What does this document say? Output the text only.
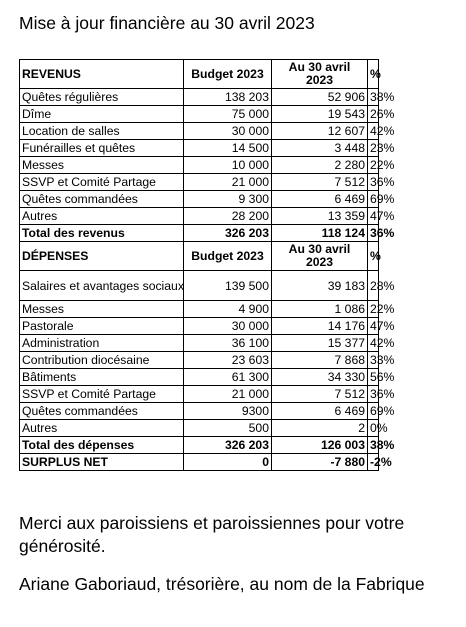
Mise à jour financière au 30 avril 2023
REVENUS	Budget 2023	Au 30 avril 2023	%
Quêtes régulières	138 203	52 906	38%
Dîme	75 000	19 543	26%
Location de salles	30 000	12 607	42%
Funérailles et quêtes	14 500	3 448	23%
Messes	10 000	2 280	22%
SSVP et Comité Partage	21 000	7 512	36%
Quêtes commandées	9 300	6 469	69%
Autres	28 200	13 359	47%
Total des revenus	326 203	118 124	36%
DÉPENSES	Budget 2023	Au 30 avril 2023	%
Salaires et avantages sociaux	139 500	39 183	28%
Messes	4 900	1 086	22%
Pastorale	30 000	14 176	47%
Administration	36 100	15 377	42%
Contribution diocésaine	23 603	7 868	33%
Bâtiments	61 300	34 330	56%
SSVP et Comité Partage	21 000	7 512	36%
Quêtes commandées	9300	6 469	69%
Autres	500	2	0%
Total des dépenses	326 203	126 003	38%
SURPLUS NET	0	-7 880	-2%
Merci aux paroissiens et paroissiennes pour votre générosité.
Ariane Gaboriaud, trésorière, au nom de la Fabrique
